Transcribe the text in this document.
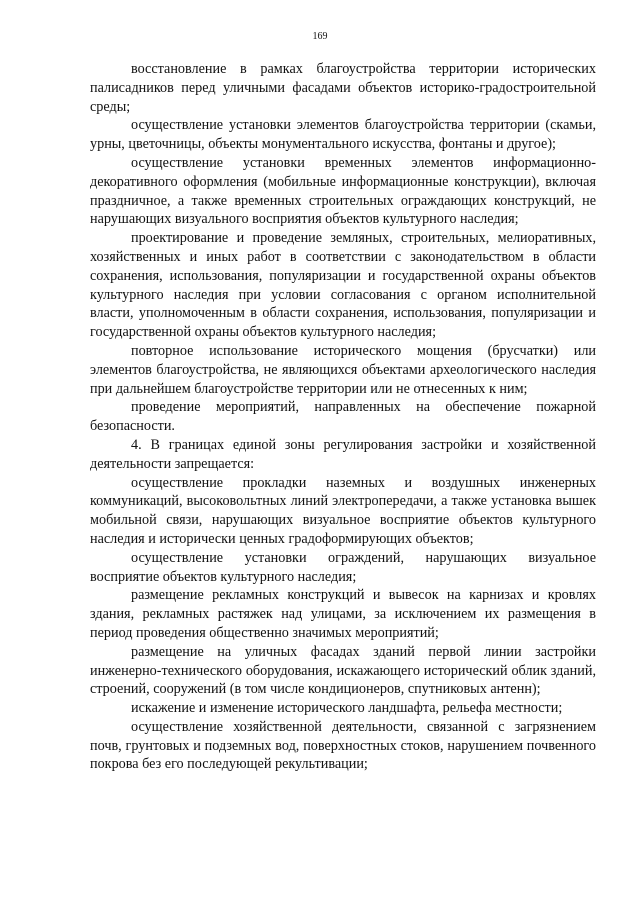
169

восстановление в рамках благоустройства территории исторических палисадников перед уличными фасадами объектов историко-градостроительной среды;

осуществление установки элементов благоустройства территории (скамьи, урны, цветочницы, объекты монументального искусства, фонтаны и другое);

осуществление установки временных элементов информационно-декоративного оформления (мобильные информационные конструкции), включая праздничное, а также временных строительных ограждающих конструкций, не нарушающих визуального восприятия объектов культурного наследия;

проектирование и проведение земляных, строительных, мелиоративных, хозяйственных и иных работ в соответствии с законодательством в области сохранения, использования, популяризации и государственной охраны объектов культурного наследия при условии согласования с органом исполнительной власти, уполномоченным в области сохранения, использования, популяризации и государственной охраны объектов культурного наследия;

повторное использование исторического мощения (брусчатки) или элементов благоустройства, не являющихся объектами археологического наследия при дальнейшем благоустройстве территории или не отнесенных к ним;

проведение мероприятий, направленных на обеспечение пожарной безопасности.

4. В границах единой зоны регулирования застройки и хозяйственной деятельности запрещается:

осуществление прокладки наземных и воздушных инженерных коммуникаций, высоковольтных линий электропередачи, а также установка вышек мобильной связи, нарушающих визуальное восприятие объектов культурного наследия и исторически ценных градоформирующих объектов;

осуществление установки ограждений, нарушающих визуальное восприятие объектов культурного наследия;

размещение рекламных конструкций и вывесок на карнизах и кровлях здания, рекламных растяжек над улицами, за исключением их размещения в период проведения общественно значимых мероприятий;

размещение на уличных фасадах зданий первой линии застройки инженерно-технического оборудования, искажающего исторический облик зданий, строений, сооружений (в том числе кондиционеров, спутниковых антенн);

искажение и изменение исторического ландшафта, рельефа местности;

осуществление хозяйственной деятельности, связанной с загрязнением почв, грунтовых и подземных вод, поверхностных стоков, нарушением почвенного покрова без его последующей рекультивации;
